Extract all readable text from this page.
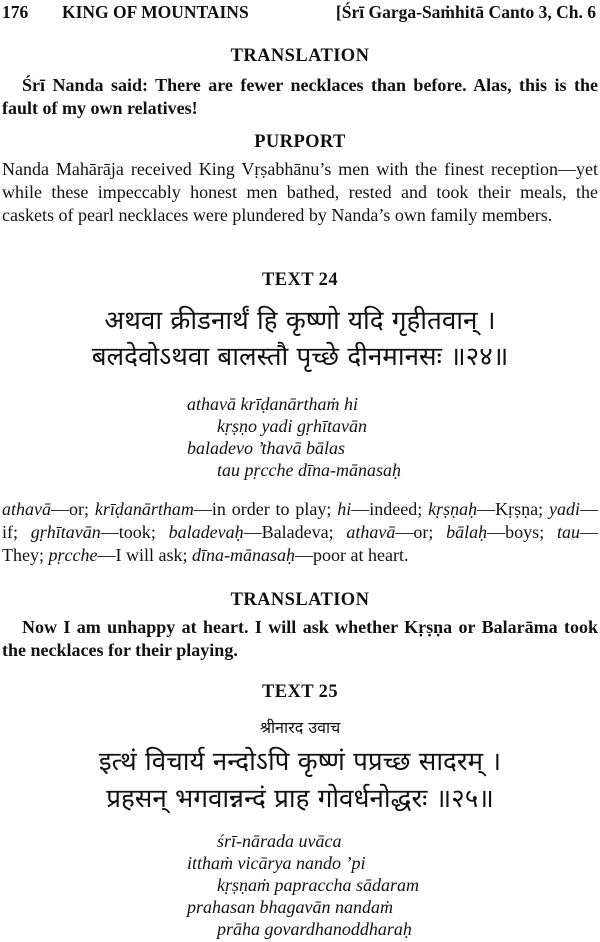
176 KING OF MOUNTAINS	[Śrī Garga-Saṁhitā Canto 3, Ch. 6
TRANSLATION

Śrī Nanda said: There are fewer necklaces than before. Alas, this is the fault of my own relatives!

PURPORT

Nanda Mahārāja received King Vṛṣabhānu’s men with the finest reception—yet while these impeccably honest men bathed, rested and took their meals, the caskets of pearl necklaces were plundered by Nanda’s own family members.

TEXT 24
अथवा क्रीडनार्थं हि कृष्णो यदि गृहीतवान् ।
बलदेवोऽथवा बालस्तौ पृच्छे दीनमानसः ॥२४॥
athavā krīḍanārthaṁ hi
kṛṣṇo yadi gṛhītavān
baladevo ’thavā bālas
tau pṛcche dīna-mānasaḥ

athavā—or; krīḍanārtham—in order to play; hi—indeed; kṛṣṇaḥ—Kṛṣṇa; yadi—if; gṛhītavān—took; baladevaḥ—Baladeva; athavā—or; bālaḥ—boys; tau—They; pṛcche—I will ask; dīna-mānasaḥ—poor at heart.

TRANSLATION

Now I am unhappy at heart. I will ask whether Kṛṣṇa or Balarāma took the necklaces for their playing.

TEXT 25
श्रीनारद उवाच
इत्थं विचार्य नन्दोऽपि कृष्णं पप्रच्छ सादरम् ।
प्रहसन् भगवान्नन्दं प्राह गोवर्धनोद्धरः ॥२५॥
śrī-nārada uvāca
itthaṁ vicārya nando ’pi
kṛṣṇaṁ papraccha sādaram
prahasan bhagavān nandaṁ
prāha govardhanoddharaḥ
